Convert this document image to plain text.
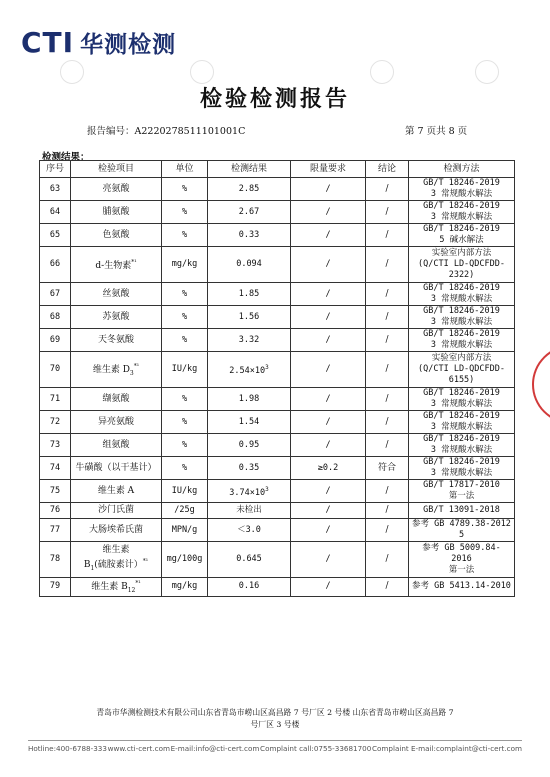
CTI 华测检测
检验检测报告
报告编号：A2220278511101001C	第 7 页共 8 页
检测结果：
序号	检验项目	单位	检测结果	限量要求	结论	检测方法
63	亮氨酸	%	2.85	/	/	GB/T 18246-2019
3 常规酸水解法

64	脯氨酸	%	2.67	/	/	GB/T 18246-2019
3 常规酸水解法

65	色氨酸	%	0.33	/	/	GB/T 18246-2019
5 碱水解法

66	d-生物素$^{*^1}$	mg/kg	0.094	/	/	实验室内部方法
(Q/CTI LD-QDCFDD-
2322)

67	丝氨酸	%	1.85	/	/	GB/T 18246-2019
3 常规酸水解法

68	苏氨酸	%	1.56	/	/	GB/T 18246-2019
3 常规酸水解法

69	天冬氨酸	%	3.32	/	/	GB/T 18246-2019
3 常规酸水解法

70	维生素 $D_3^{*^1}$	IU/kg	$2.54\times 10^3$	/	/	实验室内部方法
(Q/CTI LD-QDCFDD-
6155)

71	缬氨酸	%	1.98	/	/	GB/T 18246-2019
3 常规酸水解法

72	异亮氨酸	%	1.54	/	/	GB/T 18246-2019
3 常规酸水解法

73	组氨酸	%	0.95	/	/	GB/T 18246-2019
3 常规酸水解法

74	牛磺酸（以干基计）	%	0.35	≥0.2	符合	GB/T 18246-2019
3 常规酸水解法

75	维生素 A	IU/kg	$3.74\times 10^3$	/	/	GB/T 17817-2010
第一法

76	沙门氏菌	/25g	未检出	/	/	GB/T 13091-2018

77	大肠埃希氏菌	MPN/g	＜3.0	/	/	参考 GB 4789.38-2012
5

78	维生素 $B_1$(硫胺素计）$^{*^1}$	mg/100g	0.645	/	/	参考 GB 5009.84-
2016
第一法

79	维生素 $B_{12}^{*^1}$	mg/kg	0.16	/	/	参考 GB 5413.14-2010
青岛市华测检测技术有限公司山东省青岛市崂山区高昌路 7 号厂区 2 号楼 山东省青岛市崂山区高昌路 7
号厂区 3 号楼
Hotline:400-6788-333 www.cti-cert.com E-mail:info@cti-cert.com Complaint call:0755-33681700 Complaint E-mail:complaint@cti-cert.com
